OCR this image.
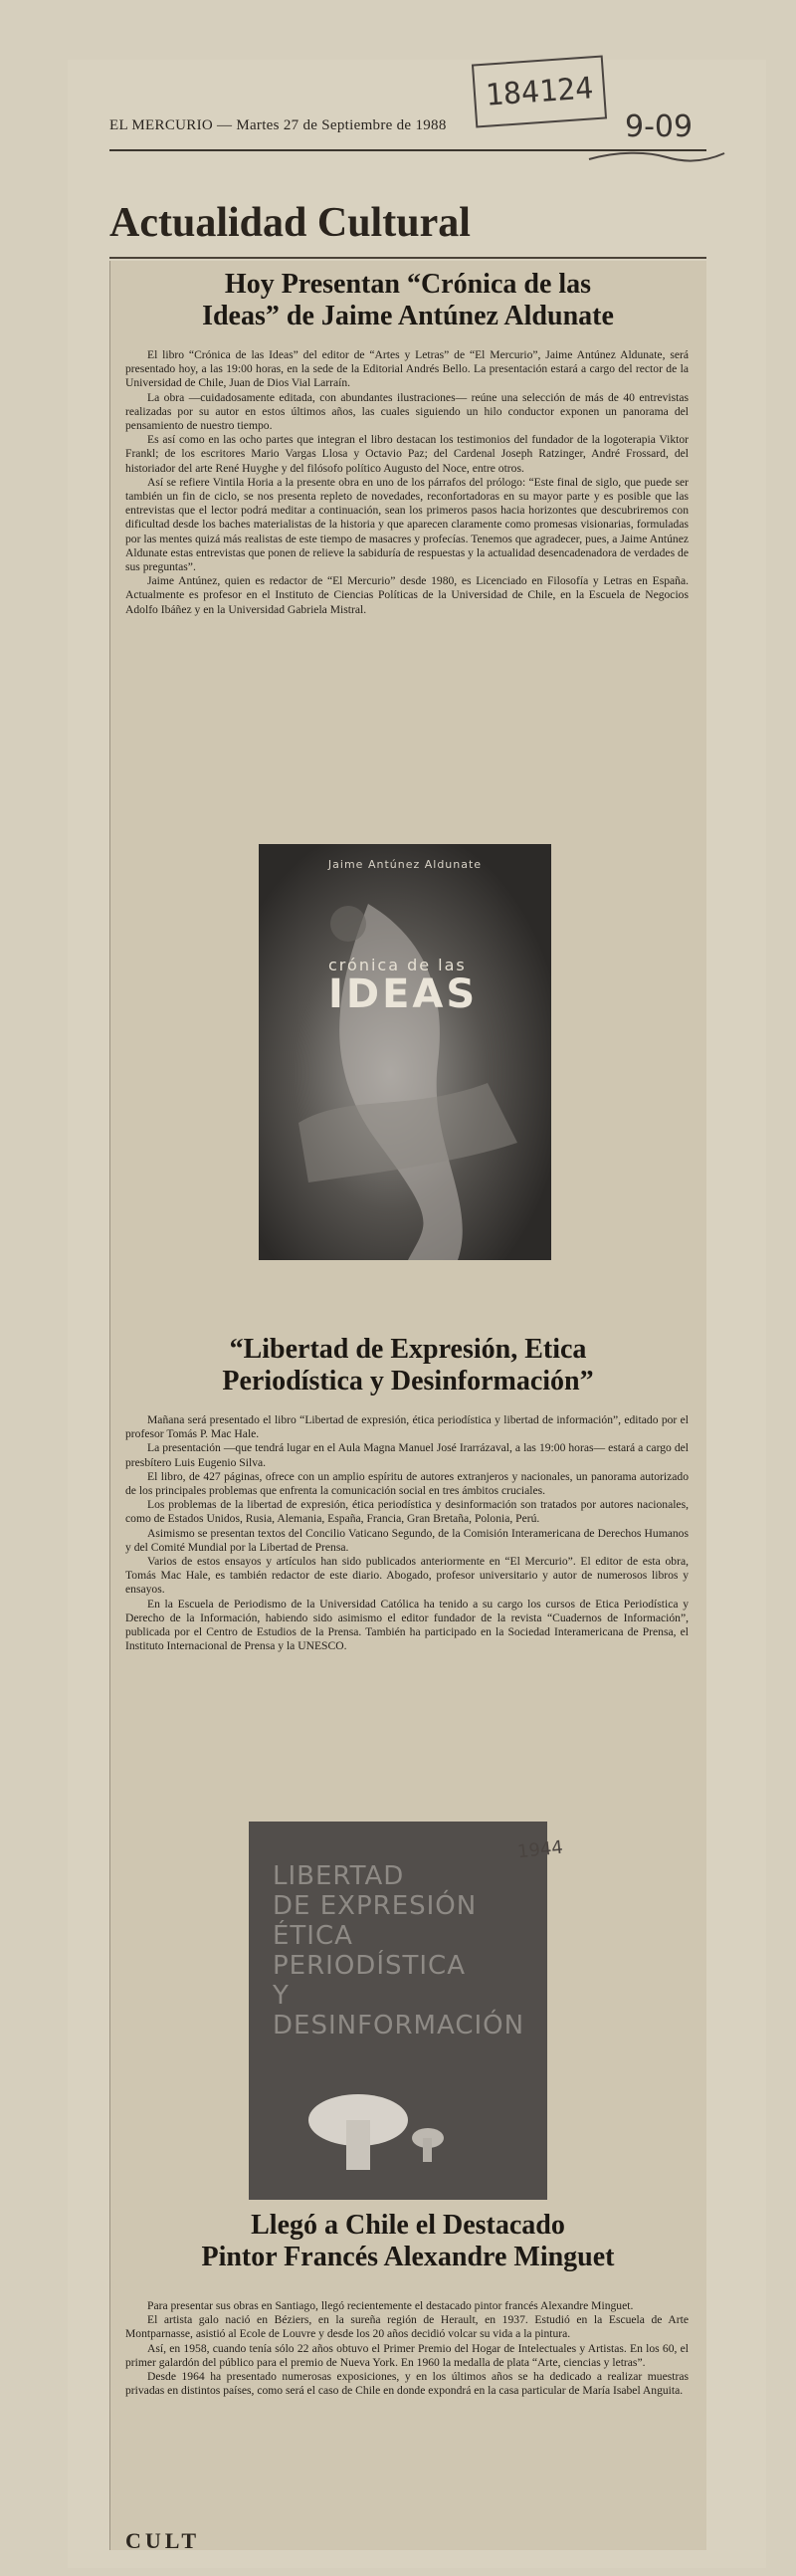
EL MERCURIO — Martes 27 de Septiembre de 1988
184124
9-09
Actualidad Cultural
Hoy Presentan “Crónica de las
Ideas” de Jaime Antúnez Aldunate

El libro “Crónica de las Ideas” del editor de “Artes y Letras” de “El Mercurio”, Jaime Antúnez Aldunate, será presentado hoy, a las 19:00 horas, en la sede de la Editorial Andrés Bello. La presentación estará a cargo del rector de la Universidad de Chile, Juan de Dios Vial Larraín.

La obra —cuidadosamente editada, con abundantes ilustraciones— reúne una selección de más de 40 entrevistas realizadas por su autor en estos últimos años, las cuales siguiendo un hilo conductor exponen un panorama del pensamiento de nuestro tiempo.

Es así como en las ocho partes que integran el libro destacan los testimonios del fundador de la logoterapia Viktor Frankl; de los escritores Mario Vargas Llosa y Octavio Paz; del Cardenal Joseph Ratzinger, André Frossard, del historiador del arte René Huyghe y del filósofo político Augusto del Noce, entre otros.

Así se refiere Vintila Horia a la presente obra en uno de los párrafos del prólogo: “Este final de siglo, que puede ser también un fin de ciclo, se nos presenta repleto de novedades, reconfortadoras en su mayor parte y es posible que las entrevistas que el lector podrá meditar a continuación, sean los primeros pasos hacia horizontes que descubriremos con dificultad desde los baches materialistas de la historia y que aparecen claramente como promesas visionarias, formuladas por las mentes quizá más realistas de este tiempo de masacres y profecías. Tenemos que agradecer, pues, a Jaime Antúnez Aldunate estas entrevistas que ponen de relieve la sabiduría de respuestas y la actualidad desencadenadora de verdades de sus preguntas”.

Jaime Antúnez, quien es redactor de “El Mercurio” desde 1980, es Licenciado en Filosofía y Letras en España. Actualmente es profesor en el Instituto de Ciencias Políticas de la Universidad de Chile, en la Escuela de Negocios Adolfo Ibáñez y en la Universidad Gabriela Mistral.

Jaime Antúnez Aldunate
crónica de las
IDEAS
“Libertad de Expresión, Etica
Periodística y Desinformación”

Mañana será presentado el libro “Libertad de expresión, ética periodística y libertad de información”, editado por el profesor Tomás P. Mac Hale.

La presentación —que tendrá lugar en el Aula Magna Manuel José Irarrázaval, a las 19:00 horas— estará a cargo del presbítero Luis Eugenio Silva.

El libro, de 427 páginas, ofrece con un amplio espíritu de autores extranjeros y nacionales, un panorama autorizado de los principales problemas que enfrenta la comunicación social en tres ámbitos cruciales.

Los problemas de la libertad de expresión, ética periodística y desinformación son tratados por autores nacionales, como de Estados Unidos, Rusia, Alemania, España, Francia, Gran Bretaña, Polonia, Perú.

Asimismo se presentan textos del Concilio Vaticano Segundo, de la Comisión Interamericana de Derechos Humanos y del Comité Mundial por la Libertad de Prensa.

Varios de estos ensayos y artículos han sido publicados anteriormente en “El Mercurio”. El editor de esta obra, Tomás Mac Hale, es también redactor de este diario. Abogado, profesor universitario y autor de numerosos libros y ensayos.

En la Escuela de Periodismo de la Universidad Católica ha tenido a su cargo los cursos de Etica Periodística y Derecho de la Información, habiendo sido asimismo el editor fundador de la revista “Cuadernos de Información”, publicada por el Centro de Estudios de la Prensa. También ha participado en la Sociedad Interamericana de Prensa, el Instituto Internacional de Prensa y la UNESCO.

LIBERTAD
DE EXPRESIÓN
ÉTICA PERIODÍSTICA
Y DESINFORMACIÓN
1944
Llegó a Chile el Destacado
Pintor Francés Alexandre Minguet

Para presentar sus obras en Santiago, llegó recientemente el destacado pintor francés Alexandre Minguet.

El artista galo nació en Béziers, en la sureña región de Herault, en 1937. Estudió en la Escuela de Arte Montparnasse, asistió al Ecole de Louvre y desde los 20 años decidió volcar su vida a la pintura.

Así, en 1958, cuando tenía sólo 22 años obtuvo el Primer Premio del Hogar de Intelectuales y Artistas. En los 60, el primer galardón del público para el premio de Nueva York. En 1960 la medalla de plata “Arte, ciencias y letras”.

Desde 1964 ha presentado numerosas exposiciones, y en los últimos años se ha dedicado a realizar muestras privadas en distintos países, como será el caso de Chile en donde expondrá en la casa particular de María Isabel Anguita.

CULT
